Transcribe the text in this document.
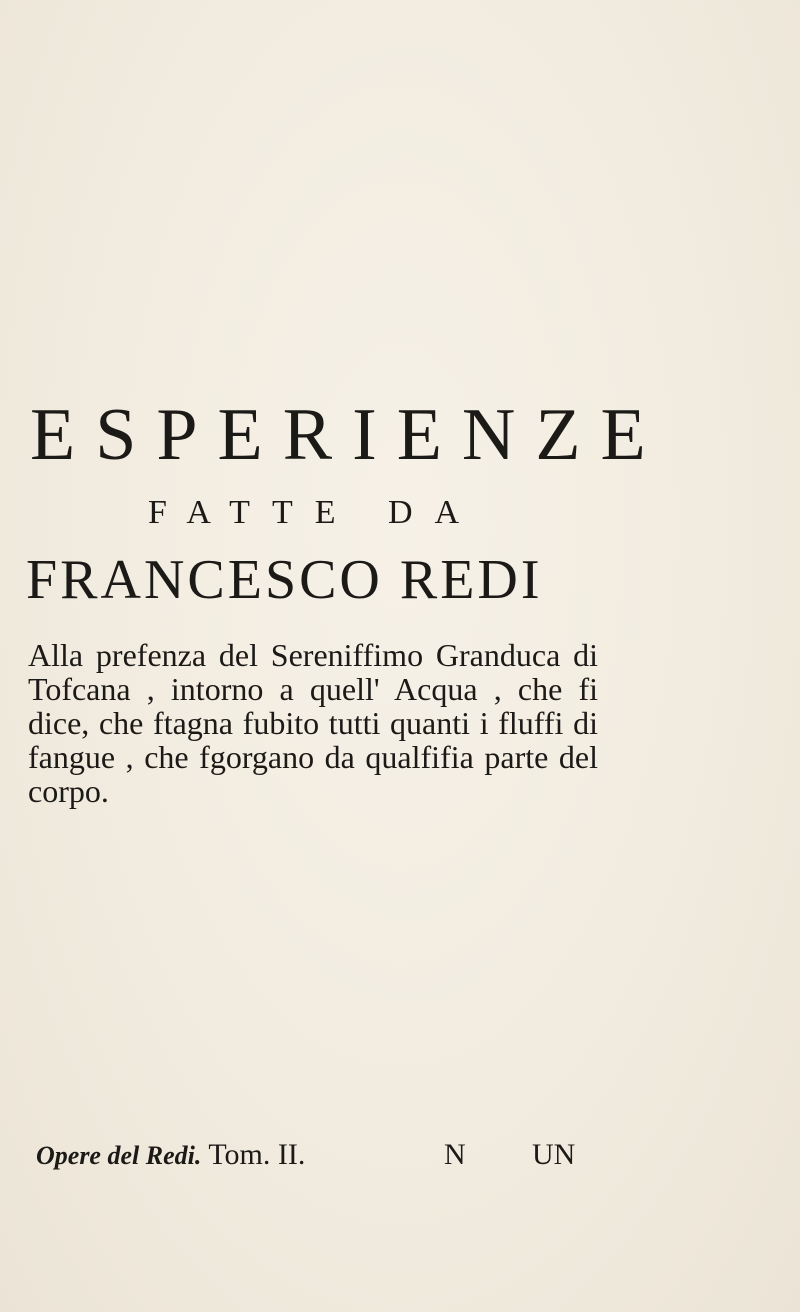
ESPERIENZE
FATTE DA
FRANCESCO REDI

Alla prefenza del Sereniffimo Granduca di Tofcana , intorno a quell' Acqua , che fi dice, che ftagna fubito tutti quanti i fluffi di fangue , che fgorgano da qualfifia parte del corpo.

Opere del Redi. Tom. II.	N UN
